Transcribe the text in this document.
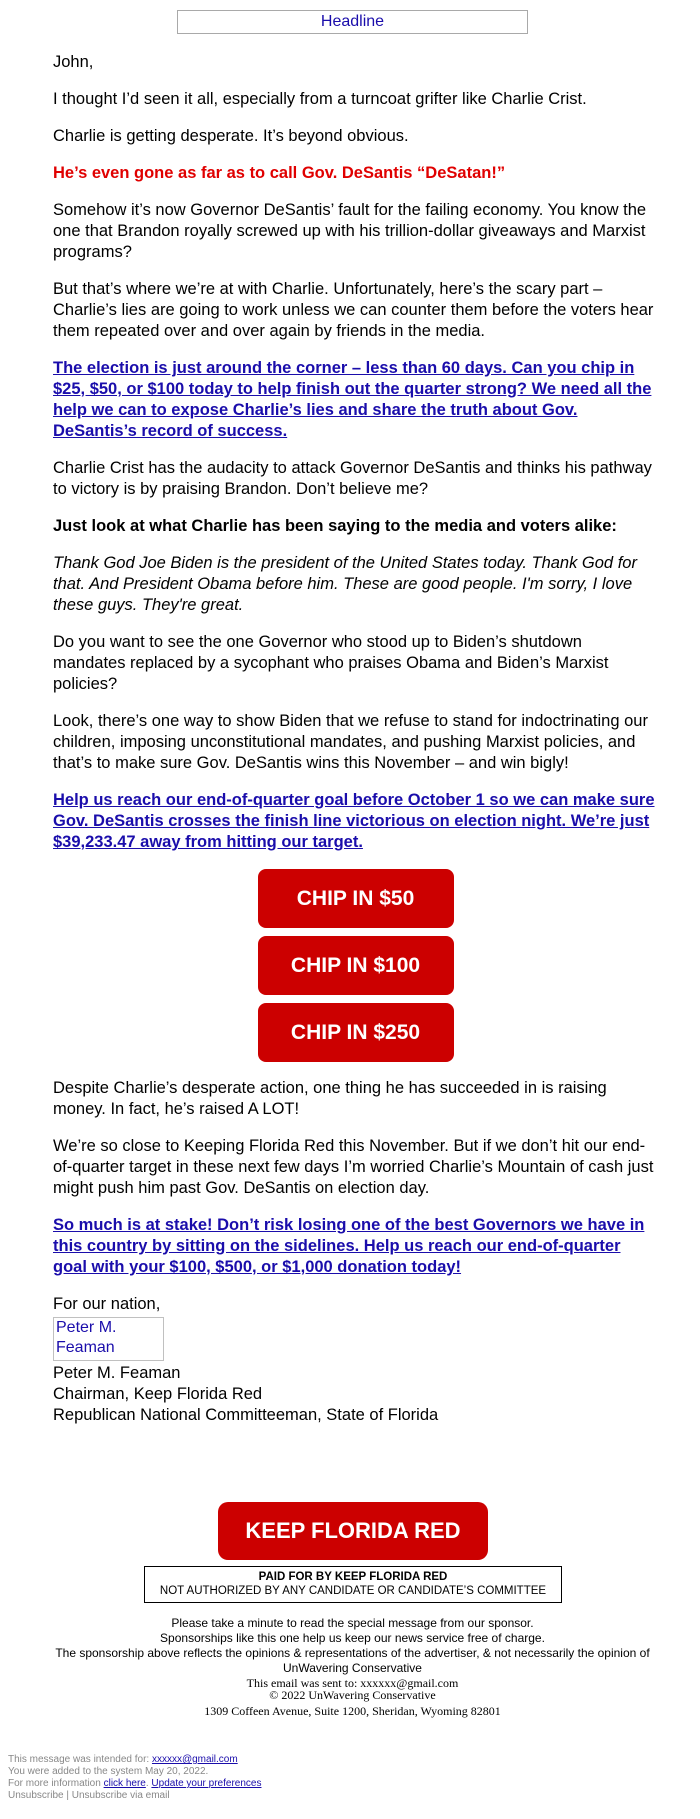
Headline

John,

I thought I’d seen it all, especially from a turncoat grifter like Charlie Crist.

Charlie is getting desperate. It’s beyond obvious.

He’s even gone as far as to call Gov. DeSantis “DeSatan!”

Somehow it’s now Governor DeSantis’ fault for the failing economy. You know the one that Brandon royally screwed up with his trillion-dollar giveaways and Marxist programs?

But that’s where we’re at with Charlie. Unfortunately, here’s the scary part – Charlie’s lies are going to work unless we can counter them before the voters hear them repeated over and over again by friends in the media.

The election is just around the corner – less than 60 days. Can you chip in $25, $50, or $100 today to help finish out the quarter strong? We need all the help we can to expose Charlie’s lies and share the truth about Gov. DeSantis’s record of success.

Charlie Crist has the audacity to attack Governor DeSantis and thinks his pathway to victory is by praising Brandon. Don’t believe me?

Just look at what Charlie has been saying to the media and voters alike:

Thank God Joe Biden is the president of the United States today. Thank God for that. And President Obama before him. These are good people. I'm sorry, I love these guys. They're great.

Do you want to see the one Governor who stood up to Biden’s shutdown mandates replaced by a sycophant who praises Obama and Biden’s Marxist policies?

Look, there’s one way to show Biden that we refuse to stand for indoctrinating our children, imposing unconstitutional mandates, and pushing Marxist policies, and that’s to make sure Gov. DeSantis wins this November – and win bigly!

Help us reach our end-of-quarter goal before October 1 so we can make sure Gov. DeSantis crosses the finish line victorious on election night. We’re just $39,233.47 away from hitting our target.

CHIP IN $50
CHIP IN $100
CHIP IN $250

Despite Charlie’s desperate action, one thing he has succeeded in is raising money. In fact, he’s raised A LOT!

We’re so close to Keeping Florida Red this November. But if we don’t hit our end-of-quarter target in these next few days I’m worried Charlie’s Mountain of cash just might push him past Gov. DeSantis on election day.

So much is at stake! Don’t risk losing one of the best Governors we have in this country by sitting on the sidelines. Help us reach our end-of-quarter goal with your $100, $500, or $1,000 donation today!

For our nation,
Peter M. Feaman
Peter M. Feaman
Chairman, Keep Florida Red
Republican National Committeeman, State of Florida
KEEP FLORIDA RED
PAID FOR BY KEEP FLORIDA RED
NOT AUTHORIZED BY ANY CANDIDATE OR CANDIDATE’S COMMITTEE
Please take a minute to read the special message from our sponsor.
Sponsorships like this one help us keep our news service free of charge.
The sponsorship above reflects the opinions & representations of the advertiser, & not necessarily the opinion of UnWavering Conservative
This email was sent to: xxxxxx@gmail.com
© 2022 UnWavering Conservative
1309 Coffeen Avenue, Suite 1200, Sheridan, Wyoming 82801
This message was intended for: xxxxxx@gmail.com
You were added to the system May 20, 2022.
For more information click here. Update your preferences
Unsubscribe | Unsubscribe via email
